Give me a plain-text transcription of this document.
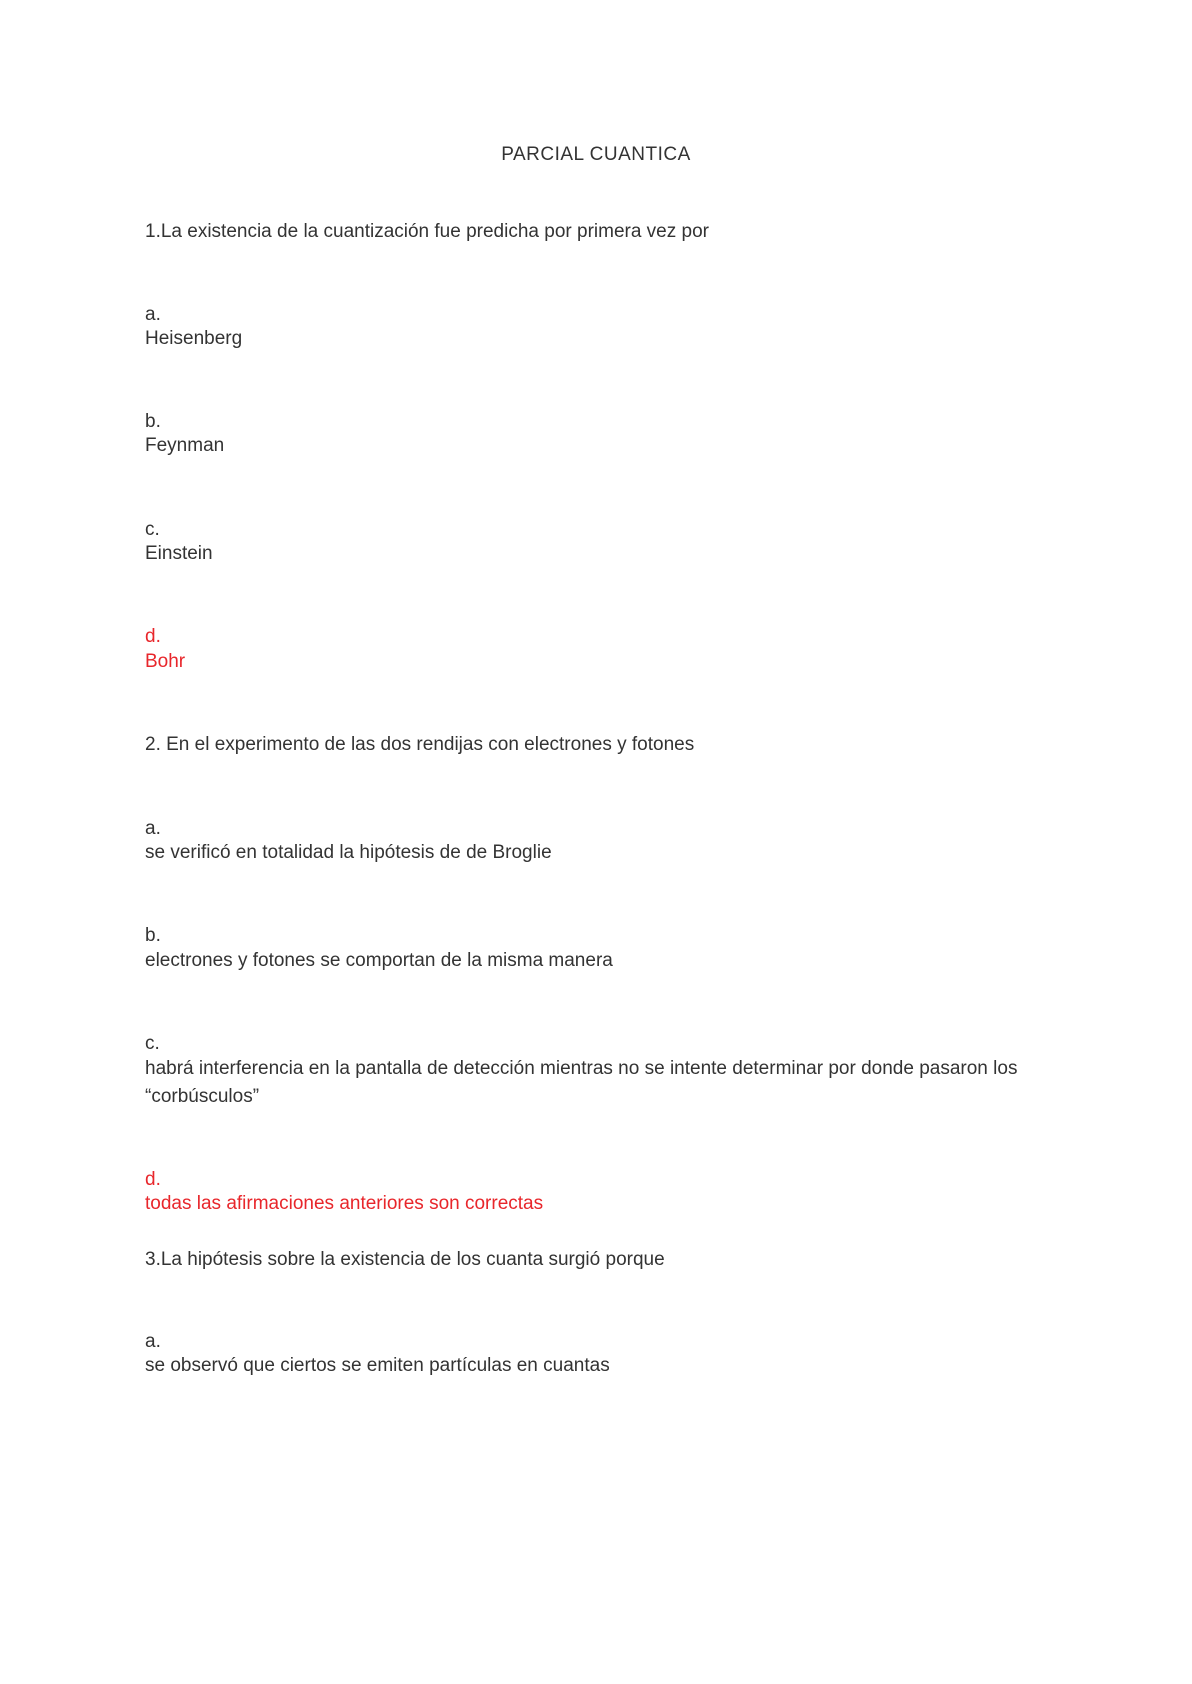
PARCIAL CUANTICA
1.La existencia de la cuantización fue predicha por primera vez por
a.
Heisenberg
b.
Feynman
c.
Einstein
d.
Bohr
2. En el experimento de las dos rendijas con electrones y fotones
a.
se verificó en totalidad la hipótesis de de Broglie
b.
electrones y fotones se comportan de la misma manera
c.
habrá interferencia en la pantalla de detección mientras no se intente determinar por donde pasaron los “corbúsculos”
d.
todas las afirmaciones anteriores son correctas
3.La hipótesis sobre la existencia de los cuanta surgió porque
a.
se observó que ciertos se emiten partículas en cuantas
